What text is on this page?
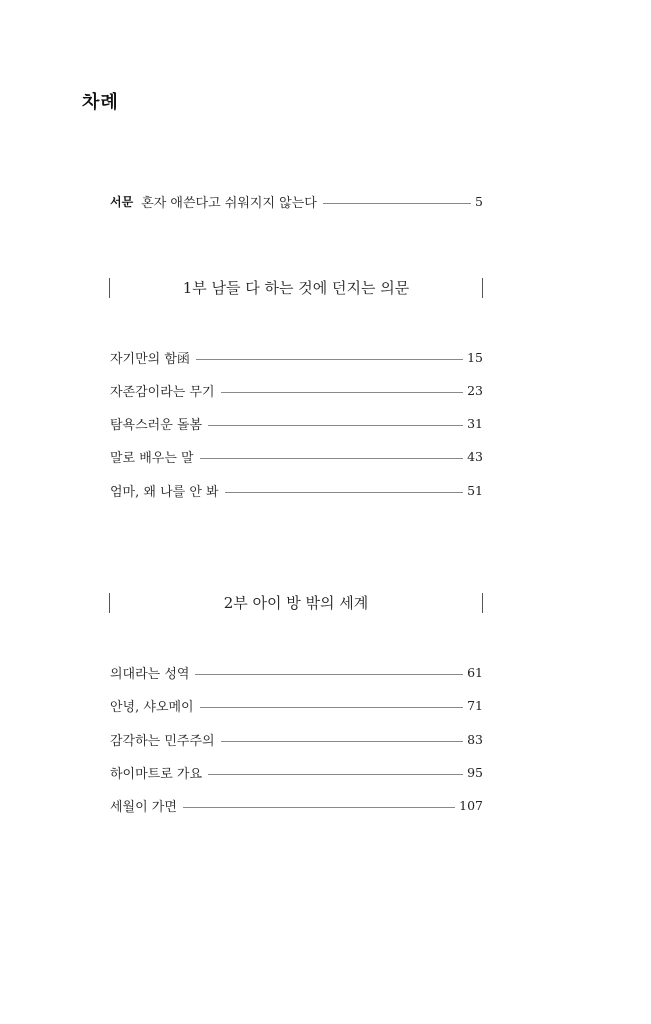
차례
서문 혼자 애쓴다고 쉬워지지 않는다	5
1부 남들 다 하는 것에 던지는 의문
자기만의 함函	15
자존감이라는 무기	23
탐욕스러운 돌봄	31
말로 배우는 말	43
엄마, 왜 나를 안 봐	51
2부 아이 방 밖의 세계
의대라는 성역	61
안녕, 샤오메이	71
감각하는 민주주의	83
하이마트로 가요	95
세월이 가면	107
